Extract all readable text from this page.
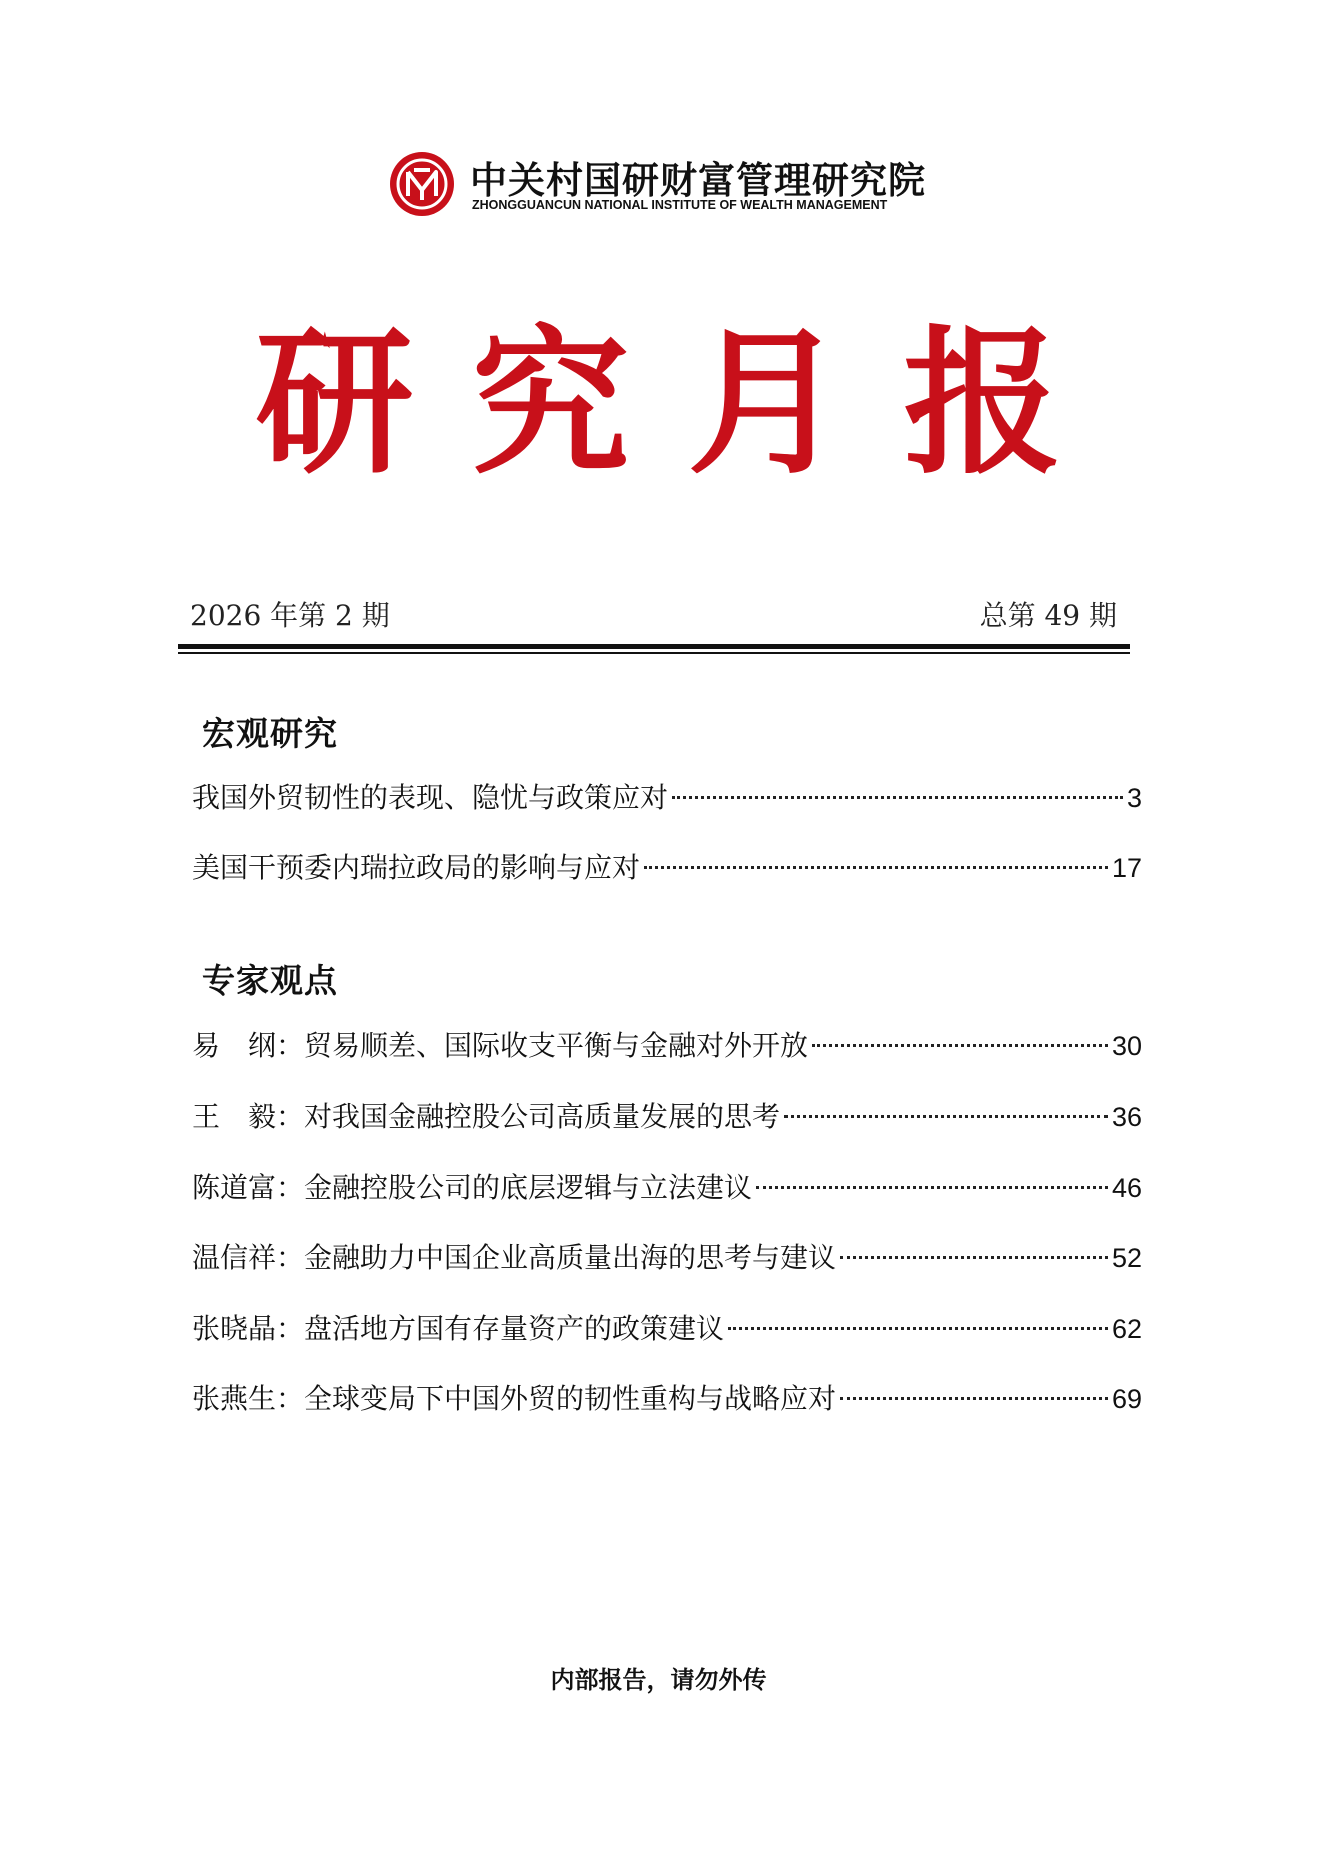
中关村国研财富管理研究院
ZHONGGUANCUN NATIONAL INSTITUTE OF WEALTH MANAGEMENT
研究月报
2026 年第 2 期	总第 49 期
宏观研究
我国外贸韧性的表现、隐忧与政策应对	3
美国干预委内瑞拉政局的影响与应对	17
专家观点
易　纲： 贸易顺差、国际收支平衡与金融对外开放	30
王　毅： 对我国金融控股公司高质量发展的思考	36
陈道富： 金融控股公司的底层逻辑与立法建议	46
温信祥： 金融助力中国企业高质量出海的思考与建议	52
张晓晶： 盘活地方国有存量资产的政策建议	62
张燕生： 全球变局下中国外贸的韧性重构与战略应对	69
内部报告，请勿外传
